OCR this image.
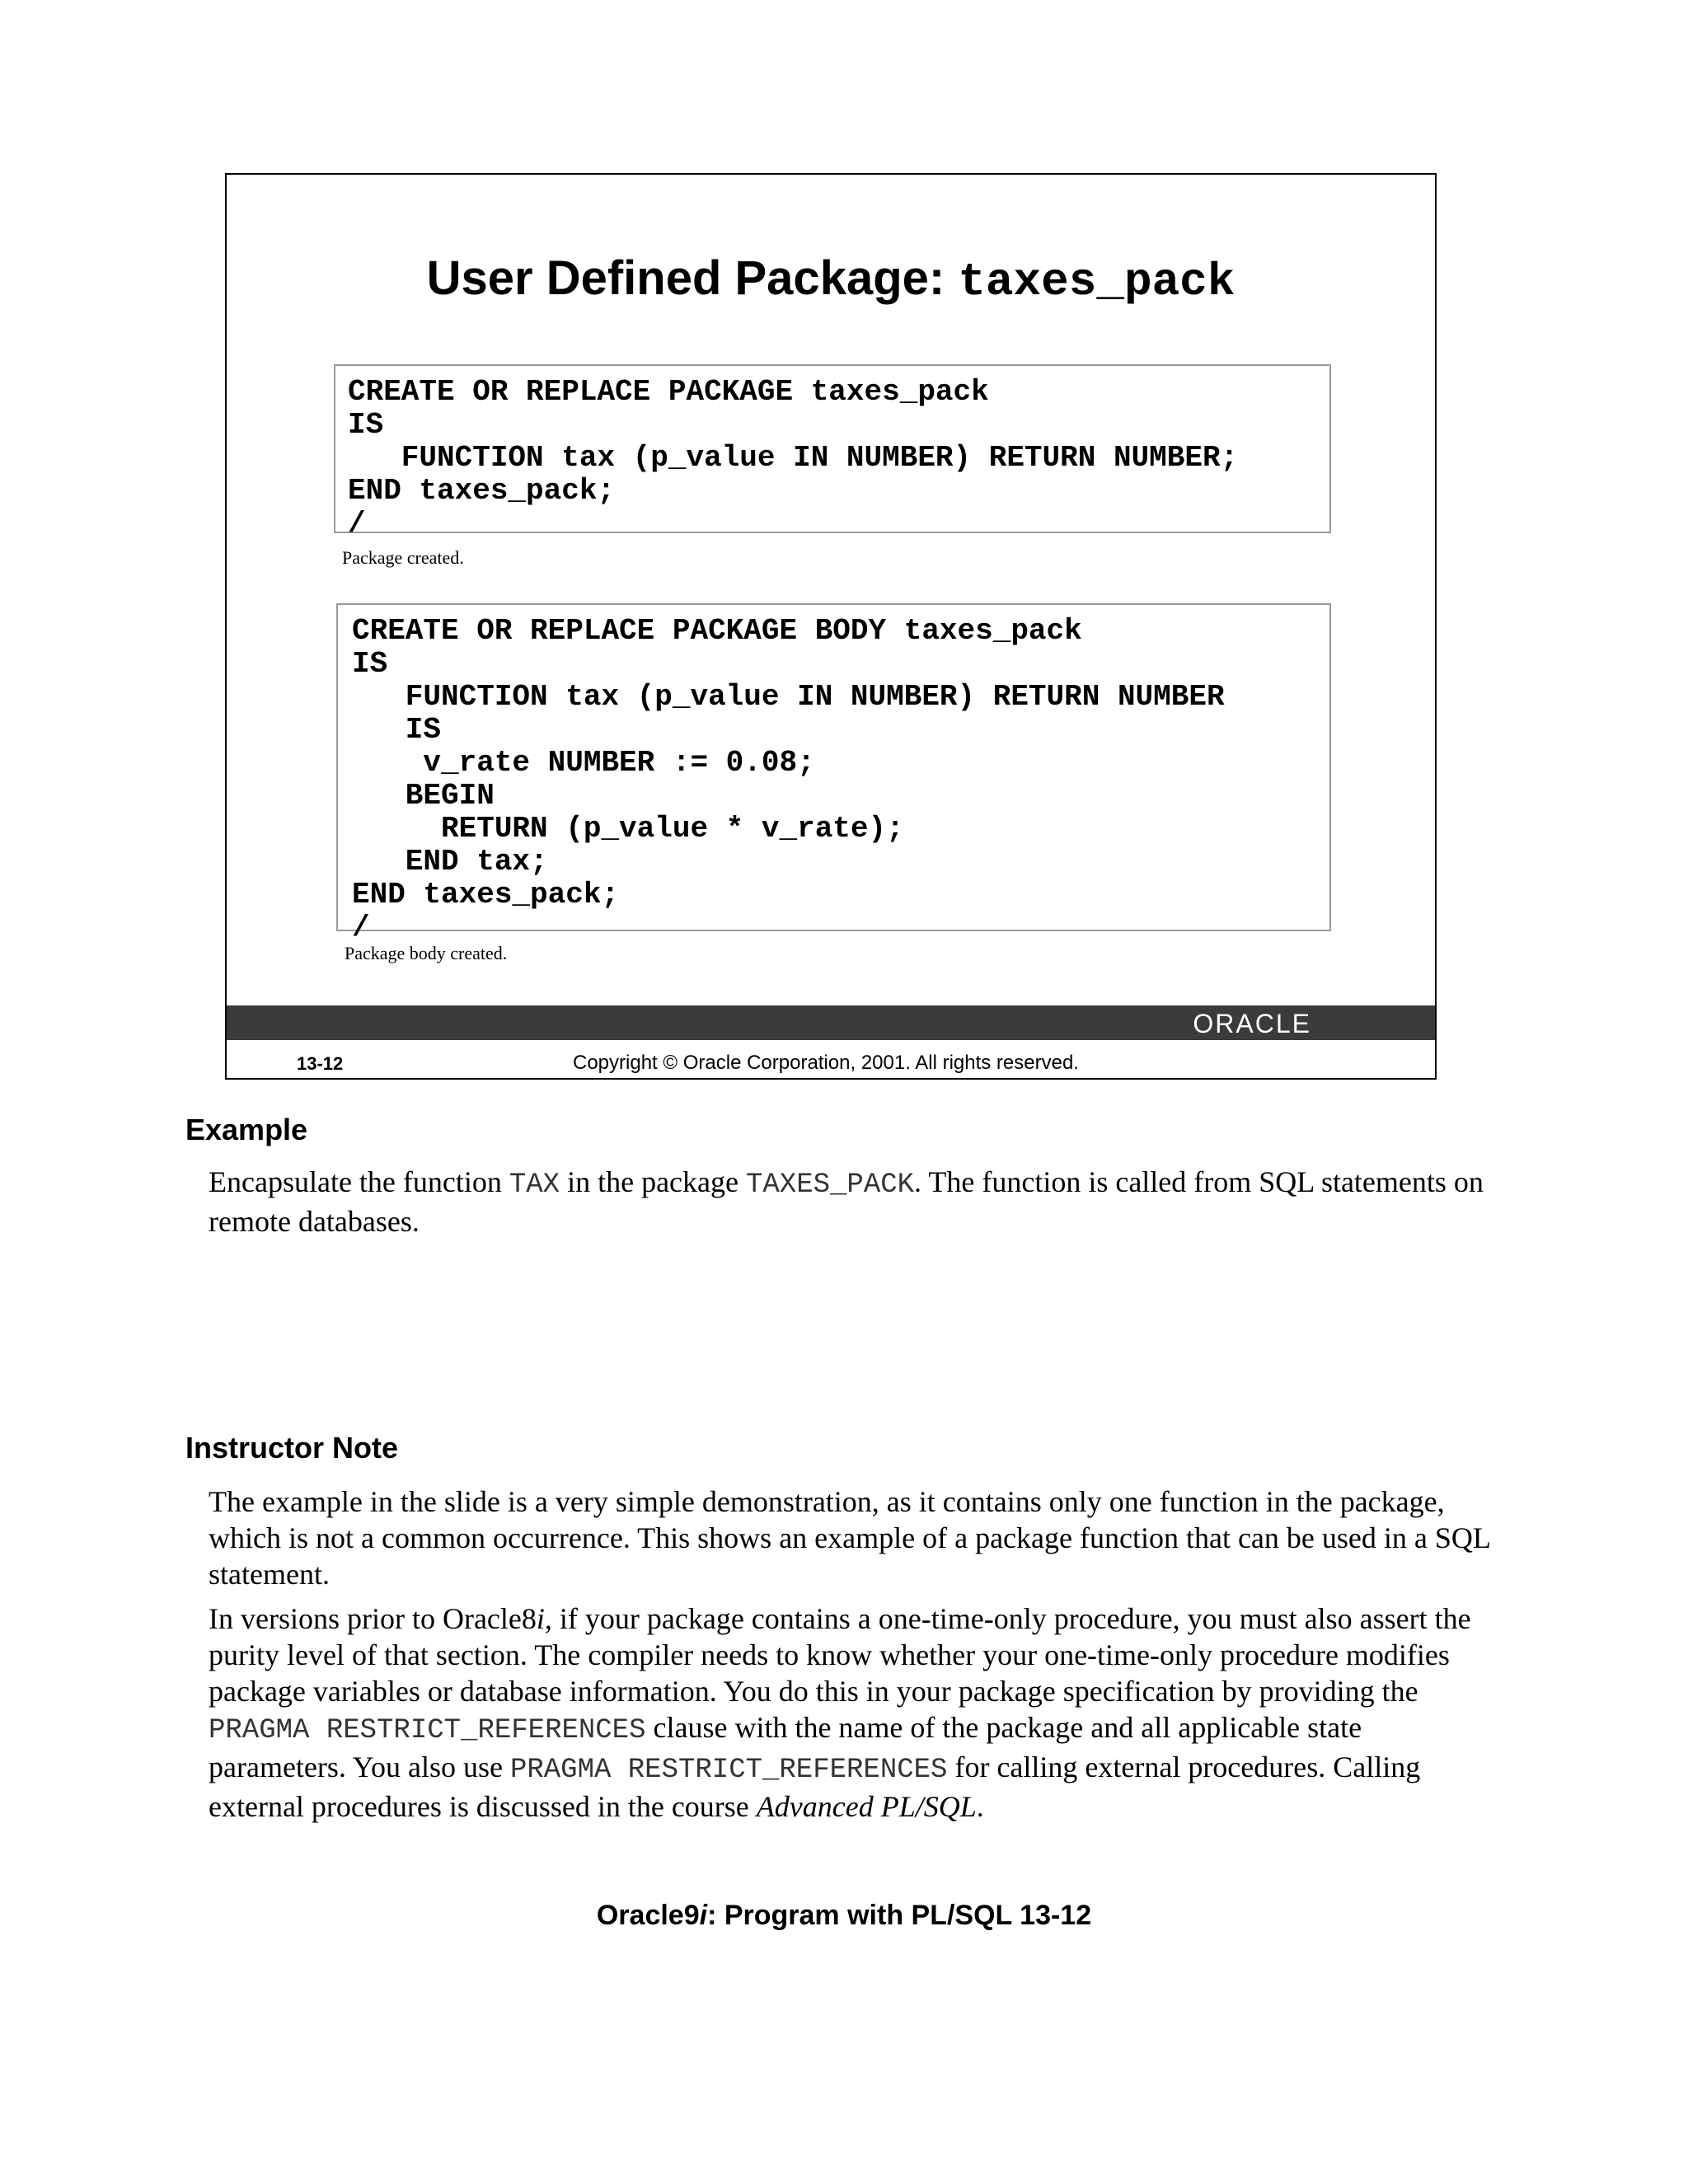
User Defined Package: taxes_pack
CREATE OR REPLACE PACKAGE taxes_pack
IS
FUNCTION tax (p_value IN NUMBER) RETURN NUMBER;
END taxes_pack;
/
Package created.
CREATE OR REPLACE PACKAGE BODY taxes_pack
IS
FUNCTION tax (p_value IN NUMBER) RETURN NUMBER
IS
v_rate NUMBER := 0.08;
BEGIN
RETURN (p_value * v_rate);
END tax;
END taxes_pack;
/
Package body created.
ORACLE
13-12	Copyright © Oracle Corporation, 2001. All rights reserved.
Example
Encapsulate the function TAX in the package TAXES_PACK. The function is called from SQL statements on remote databases.
Instructor Note
The example in the slide is a very simple demonstration, as it contains only one function in the package, which is not a common occurrence. This shows an example of a package function that can be used in a SQL statement.
In versions prior to Oracle8i, if your package contains a one-time-only procedure, you must also assert the purity level of that section. The compiler needs to know whether your one-time-only procedure modifies package variables or database information. You do this in your package specification by providing the PRAGMA RESTRICT_REFERENCES clause with the name of the package and all applicable state parameters. You also use PRAGMA RESTRICT_REFERENCES for calling external procedures. Calling external procedures is discussed in the course Advanced PL/SQL.
Oracle9i: Program with PL/SQL 13-12
